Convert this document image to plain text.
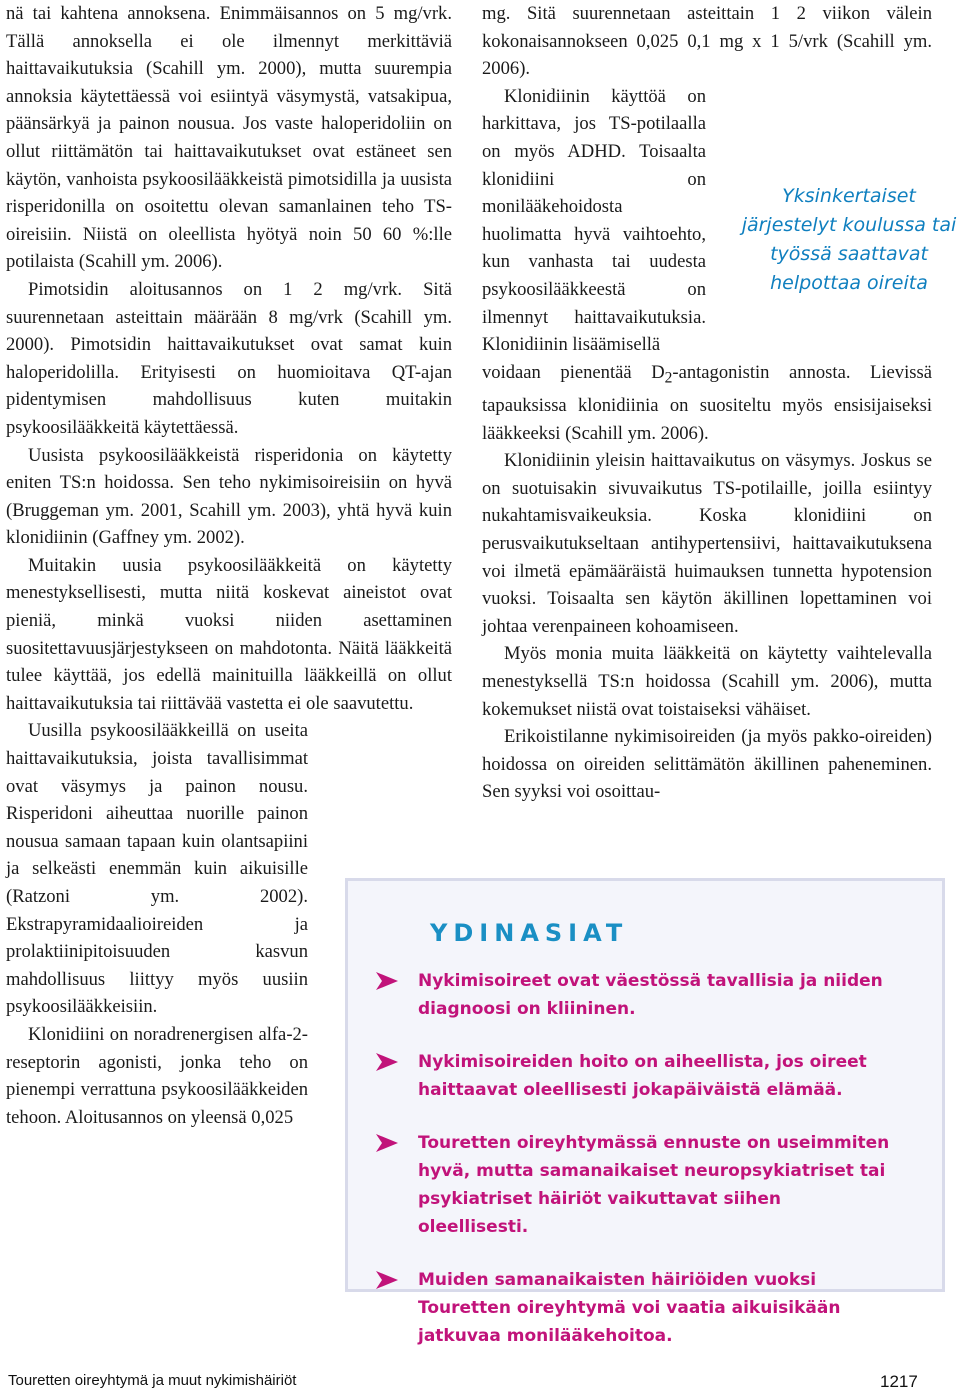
nä tai kahtena annoksena. Enimmäisannos on 5 mg/vrk. Tällä annoksella ei ole ilmennyt merkittäviä haittavaikutuksia (Scahill ym. 2000), mutta suurempia annoksia käytettäessä voi esiintyä väsymystä, vatsakipua, päänsärkyä ja painon nousua. Jos vaste haloperidoliin on ollut riittämätön tai haittavaikutukset ovat estäneet sen käytön, vanhoista psykoosilääkkeistä pimotsidilla ja uusista risperidonilla on osoitettu olevan samanlainen teho TS-oireisiin. Niistä on oleellista hyötyä noin 50 60 %:lle potilaista (Scahill ym. 2006).

Pimotsidin aloitusannos on 1 2 mg/vrk. Sitä suurennetaan asteittain määrään 8 mg/vrk (Scahill ym. 2000). Pimotsidin haittavaikutukset ovat samat kuin haloperidolilla. Erityisesti on huomioitava QT-ajan pidentymisen mahdollisuus kuten muitakin psykoosilääkkeitä käytettäessä.

Uusista psykoosilääkkeistä risperidonia on käytetty eniten TS:n hoidossa. Sen teho nykimisoireisiin on hyvä (Bruggeman ym. 2001, Scahill ym. 2003), yhtä hyvä kuin klonidiinin (Gaffney ym. 2002).

Muitakin uusia psykoosilääkkeitä on käytetty menestyksellisesti, mutta niitä koskevat aineistot ovat pieniä, minkä vuoksi niiden asettaminen suositettavuusjärjestykseen on mahdotonta. Näitä lääkkeitä tulee käyttää, jos edellä mainituilla lääkkeillä on ollut haittavaikutuksia tai riittävää vastetta ei ole saavutettu.

Uusilla psykoosilääkkeillä on useita haittavaikutuksia, joista tavallisimmat ovat väsymys ja painon nousu. Risperidoni aiheuttaa nuorille painon nousua samaan tapaan kuin olantsapiini ja selkeästi enemmän kuin aikuisille (Ratzoni ym. 2002). Ekstrapyramidaalioireiden ja prolaktiinipitoisuuden kasvun mahdollisuus liittyy myös uusiin psykoosilääkkeisiin.

Klonidiini on noradrenergisen alfa-2-reseptorin agonisti, jonka teho on pienempi verrattuna psykoosilääkkeiden tehoon. Aloitusannos on yleensä 0,025

mg. Sitä suurennetaan asteittain 1 2 viikon välein kokonaisannokseen 0,025 0,1 mg x 1 5/vrk (Scahill ym. 2006).

Klonidiinin käyttöä on harkittava, jos TS-potilaalla on myös ADHD. Toisaalta klonidiini on monilääkehoidosta huolimatta hyvä vaihtoehto, kun vanhasta tai uudesta psykoosilääkkeestä on ilmennyt haittavaikutuksia. Klonidiinin lisäämisellä

voidaan pienentää $D_2$-antagonistin annosta. Lievissä tapauksissa klonidiinia on suositeltu myös ensisijaiseksi lääkkeeksi (Scahill ym. 2006).

Klonidiinin yleisin haittavaikutus on väsymys. Joskus se on suotuisakin sivuvaikutus TS-potilaille, joilla esiintyy nukahtamisvaikeuksia. Koska klonidiini on perusvaikutukseltaan antihypertensiivi, haittavaikutuksena voi ilmetä epämääräistä huimauksen tunnetta hypotension vuoksi. Toisaalta sen käytön äkillinen lopettaminen voi johtaa verenpaineen kohoamiseen.

Myös monia muita lääkkeitä on käytetty vaihtelevalla menestyksellä TS:n hoidossa (Scahill ym. 2006), mutta kokemukset niistä ovat toistaiseksi vähäiset.

Erikoistilanne nykimisoireiden (ja myös pakko-oireiden) hoidossa on oireiden selittämätön äkillinen paheneminen. Sen syyksi voi osoittau-

Yksinkertaiset järjestelyt koulussa tai työssä saattavat helpottaa oireita
YDINASIAT
Nykimisoireet ovat väestössä tavallisia ja niiden diagnoosi on kliininen.
Nykimisoireiden hoito on aiheellista, jos oireet haittaavat oleellisesti jokapäiväistä elämää.
Touretten oireyhtymässä ennuste on useimmiten hyvä, mutta samanaikaiset neuropsykiatriset tai psykiatriset häiriöt vaikuttavat siihen oleellisesti.
Muiden samanaikaisten häiriöiden vuoksi Touretten oireyhtymä voi vaatia aikuisikään jatkuvaa monilääkehoitoa.
Touretten oireyhtymä ja muut nykimishäiriöt	1217
